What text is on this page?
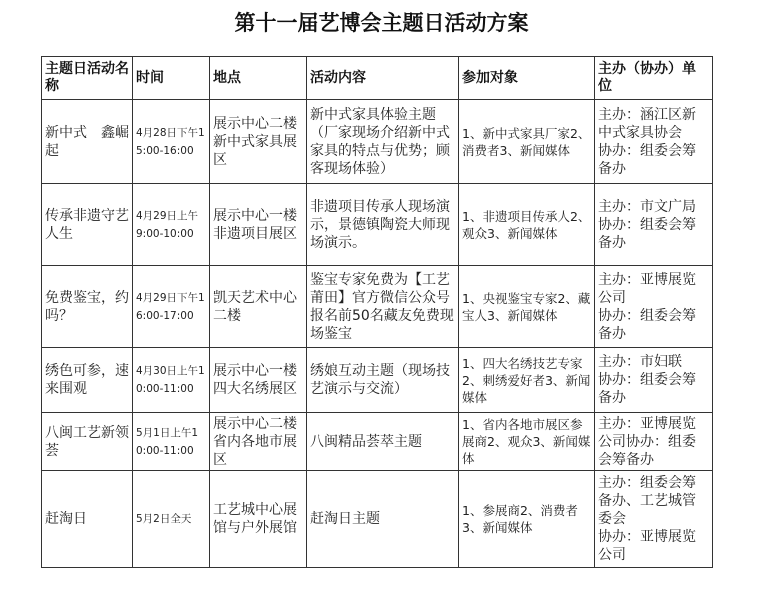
第十一届艺博会主题日活动方案
主题日活动名称	时间	地点	活动内容	参加对象	主办（协办）单位
新中式　鑫崛起	4月28日下午15:00-16:00	展示中心二楼新中式家具展区	新中式家具体验主题（厂家现场介绍新中式家具的特点与优势；顾客现场体验）	1、新中式家具厂家2、消费者3、新闻媒体	主办：涵江区新中式家具协会
协办：组委会筹备办

传承非遗守艺人生	4月29日上午9:00-10:00	展示中心一楼非遗项目展区	非遗项目传承人现场演示，景德镇陶瓷大师现场演示。	1、非遗项目传承人2、观众3、新闻媒体	主办：市文广局
协办：组委会筹备办

免费鉴宝，约吗？	4月29日下午16:00-17:00	凯天艺术中心二楼	鉴宝专家免费为【工艺莆田】官方微信公众号报名前50名藏友免费现场鉴宝	1、央视鉴宝专家2、藏宝人3、新闻媒体	主办：亚博展览公司
协办：组委会筹备办

绣色可参，速来围观	4月30日上午10:00-11:00	展示中心一楼四大名绣展区	绣娘互动主题（现场技艺演示与交流）	1、四大名绣技艺专家2、刺绣爱好者3、新闻媒体	主办：市妇联
协办：组委会筹备办

八闽工艺新领荟	5月1日上午10:00-11:00	展示中心二楼省内各地市展区	八闽精品荟萃主题	1、省内各地市展区参展商2、观众3、新闻媒体	主办：亚博展览公司协办：组委会筹备办

赶淘日	5月2日全天	工艺城中心展馆与户外展馆	赶淘日主题	1、参展商2、消费者3、新闻媒体	主办：组委会筹备办、工艺城管委会
协办：亚博展览公司
